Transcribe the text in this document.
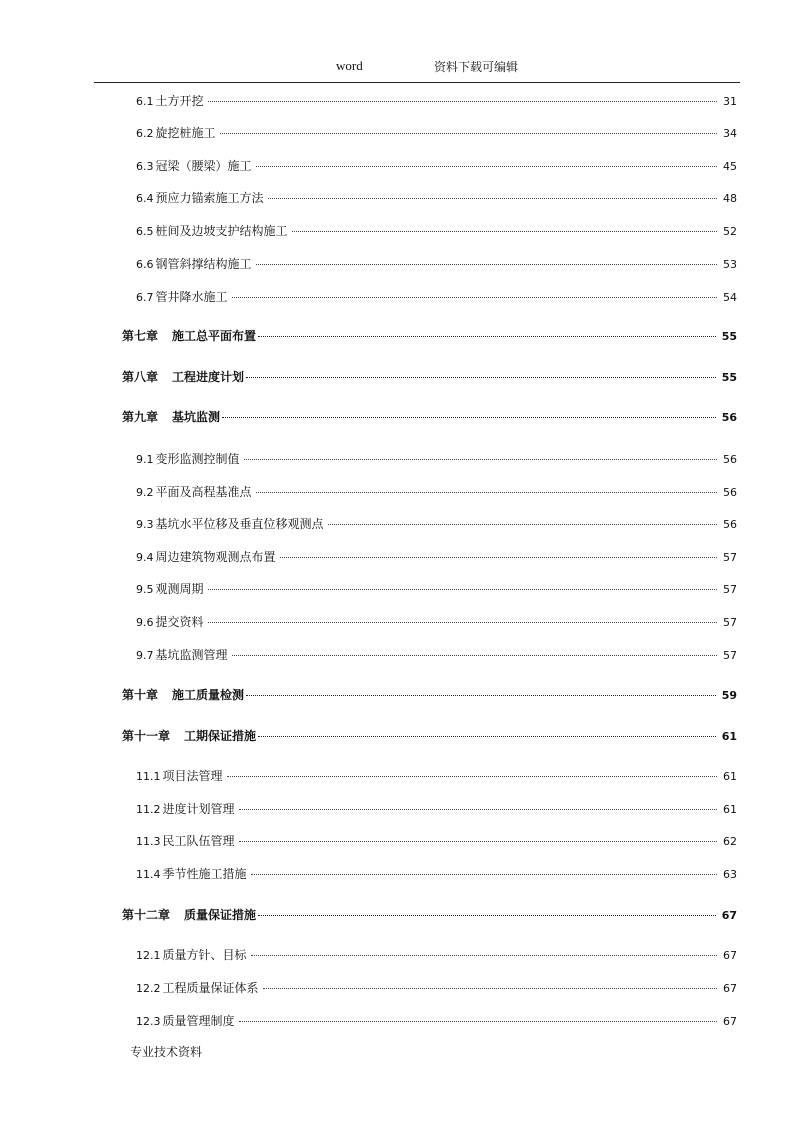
word	资料下载可编辑
6.1 土方开挖	31
6.2 旋挖桩施工	34
6.3 冠梁（腰梁）施工	45
6.4 预应力锚索施工方法	48
6.5 桩间及边坡支护结构施工	52
6.6 钢管斜撑结构施工	53
6.7 管井降水施工	54
第七章 施工总平面布置	55
第八章 工程进度计划	55
第九章 基坑监测	56
9.1 变形监测控制值	56
9.2 平面及高程基准点	56
9.3 基坑水平位移及垂直位移观测点	56
9.4 周边建筑物观测点布置	57
9.5 观测周期	57
9.6 提交资料	57
9.7 基坑监测管理	57
第十章 施工质量检测	59
第十一章 工期保证措施	61
11.1 项目法管理	61
11.2 进度计划管理	61
11.3 民工队伍管理	62
11.4 季节性施工措施	63
第十二章 质量保证措施	67
12.1 质量方针、目标	67
12.2 工程质量保证体系	67
12.3 质量管理制度	67
专业技术资料
